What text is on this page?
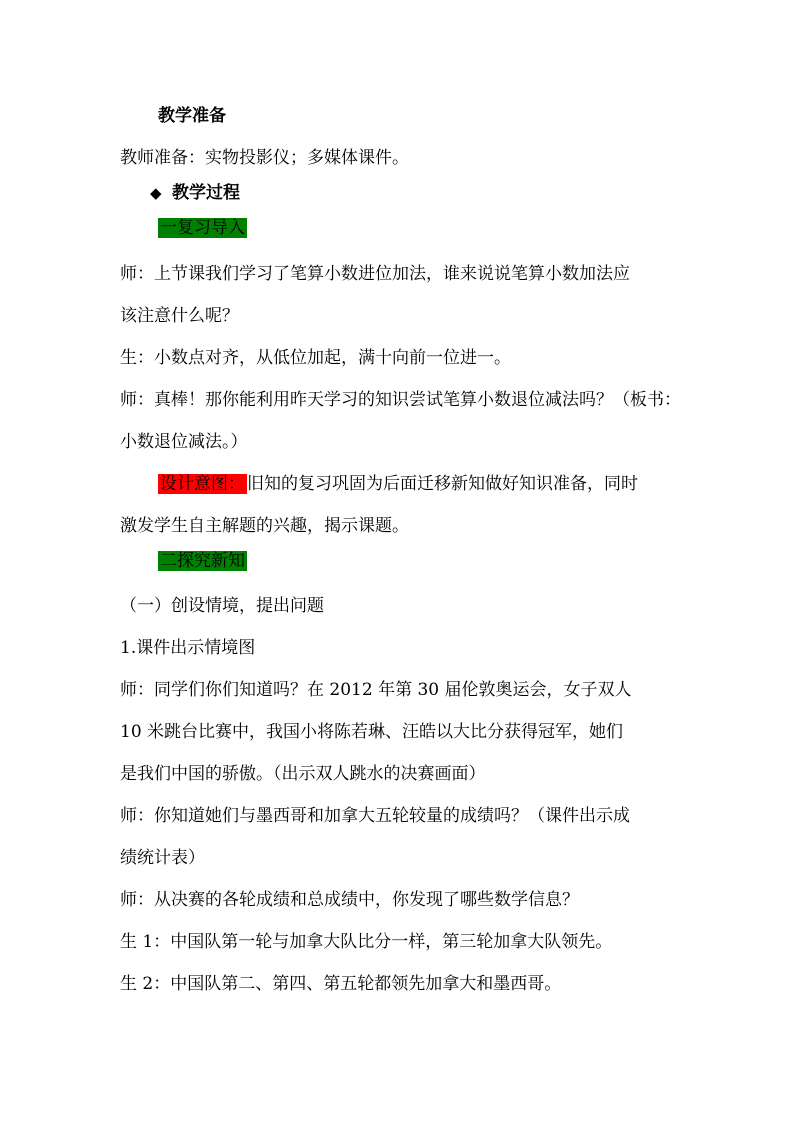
教学准备
教师准备：实物投影仪；多媒体课件。
◆ 教学过程
一复习导入
师：上节课我们学习了笔算小数进位加法，谁来说说笔算小数加法应
该注意什么呢？
生：小数点对齐，从低位加起，满十向前一位进一。
师：真棒！那你能利用昨天学习的知识尝试笔算小数退位减法吗？（板书：
小数退位减法。）
设计意图： 旧知的复习巩固为后面迁移新知做好知识准备，同时
激发学生自主解题的兴趣，揭示课题。
二探究新知
（一）创设情境，提出问题
1.课件出示情境图
师：同学们你们知道吗？在 2012 年第 30 届伦敦奥运会，女子双人
10 米跳台比赛中，我国小将陈若琳、汪皓以大比分获得冠军，她们
是我们中国的骄傲。（出示双人跳水的决赛画面）
师：你知道她们与墨西哥和加拿大五轮较量的成绩吗？（课件出示成
绩统计表）
师：从决赛的各轮成绩和总成绩中，你发现了哪些数学信息？
生 1：中国队第一轮与加拿大队比分一样，第三轮加拿大队领先。
生 2：中国队第二、第四、第五轮都领先加拿大和墨西哥。
